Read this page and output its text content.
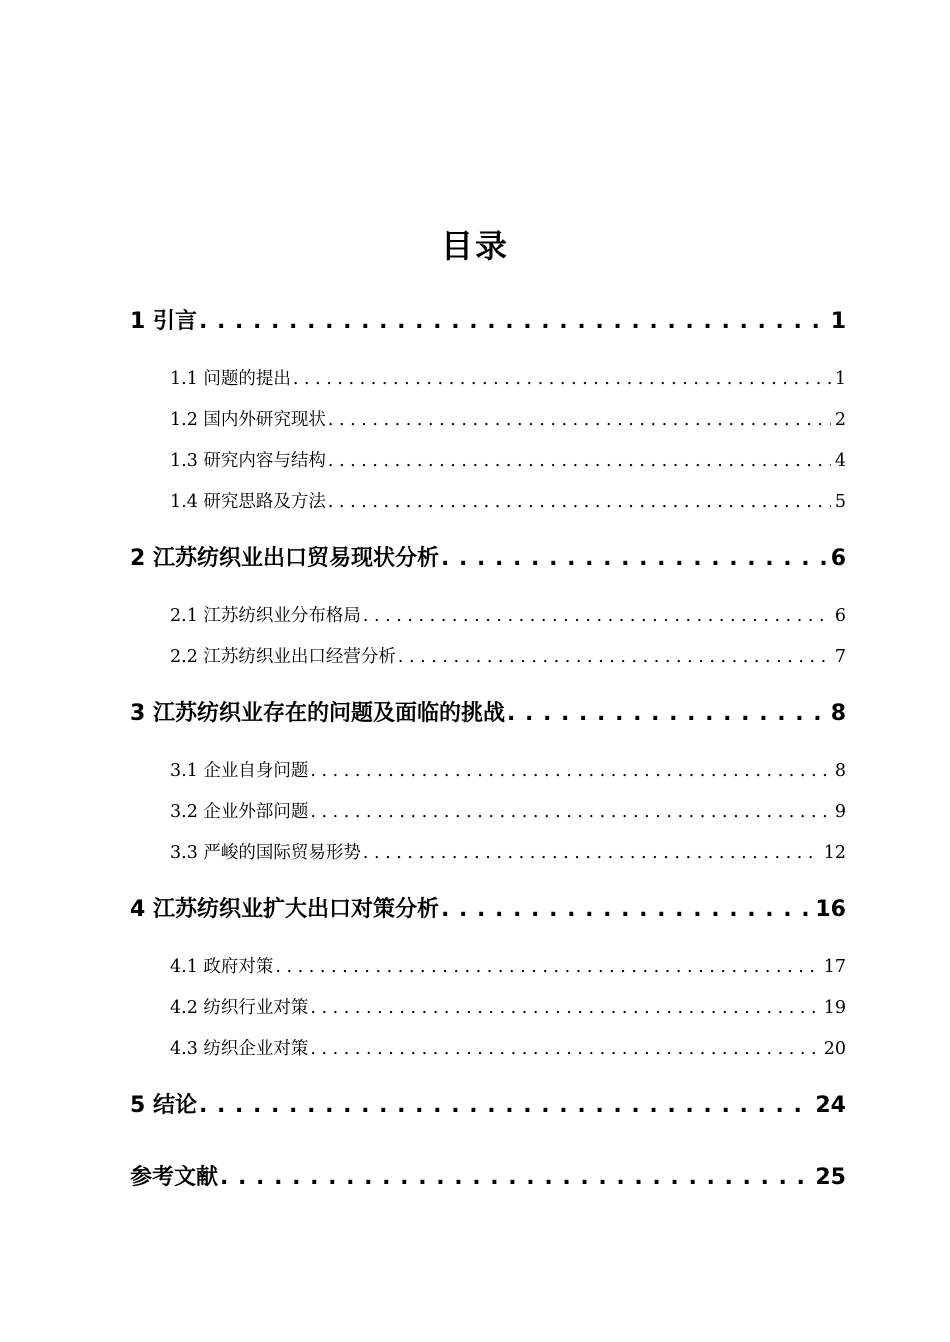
目录
1 引言 . . .	1
1.1 问题的提出 . . .	1
1.2 国内外研究现状 . . .	2
1.3 研究内容与结构 . . .	4
1.4 研究思路及方法 . . .	5
2 江苏纺织业出口贸易现状分析 . . .	6
2.1 江苏纺织业分布格局 . . .	6
2.2 江苏纺织业出口经营分析 . . .	7
3 江苏纺织业存在的问题及面临的挑战 . . .	8
3.1 企业自身问题 . . .	8
3.2 企业外部问题 . . .	9
3.3 严峻的国际贸易形势 . . .	12
4 江苏纺织业扩大出口对策分析 . . .	16
4.1 政府对策 . . .	17
4.2 纺织行业对策 . . .	19
4.3 纺织企业对策 . . .	20
5 结论 . . .	24
参考文献 . . .	25
